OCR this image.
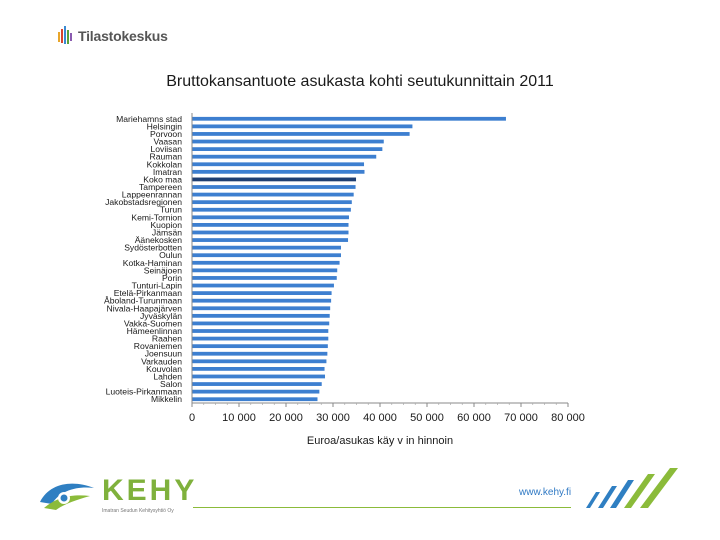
Tilastokeskus
Bruttokansantuote asukasta kohti seutukunnittain 2011
Mariehamns stad
Helsingin
Porvoon
Vaasan
Loviisan
Rauman
Kokkolan
Imatran
Koko maa
Tampereen
Lappeenrannan
Jakobstadsregionen
Turun
Kemi-Tornion
Kuopion
Jämsän
Äänekosken
Sydösterbotten
Oulun
Kotka-Haminan
Seinäjoen
Porin
Tunturi-Lapin
Etelä-Pirkanmaan
Åboland-Turunmaan
Nivala-Haapajärven
Jyväskylän
Vakka-Suomen
Hämeenlinnan
Raahen
Rovaniemen
Joensuun
Varkauden
Kouvolan
Lahden
Salon
Luoteis-Pirkanmaan
Mikkelin
0 10 000 20 000 30 000 40 000 50 000 60 000 70 000 80 000
Euroa/asukas käy v in hinnoin
KEHY
Imatran Seudun Kehitysyhtiö Oy
www.kehy.fi
